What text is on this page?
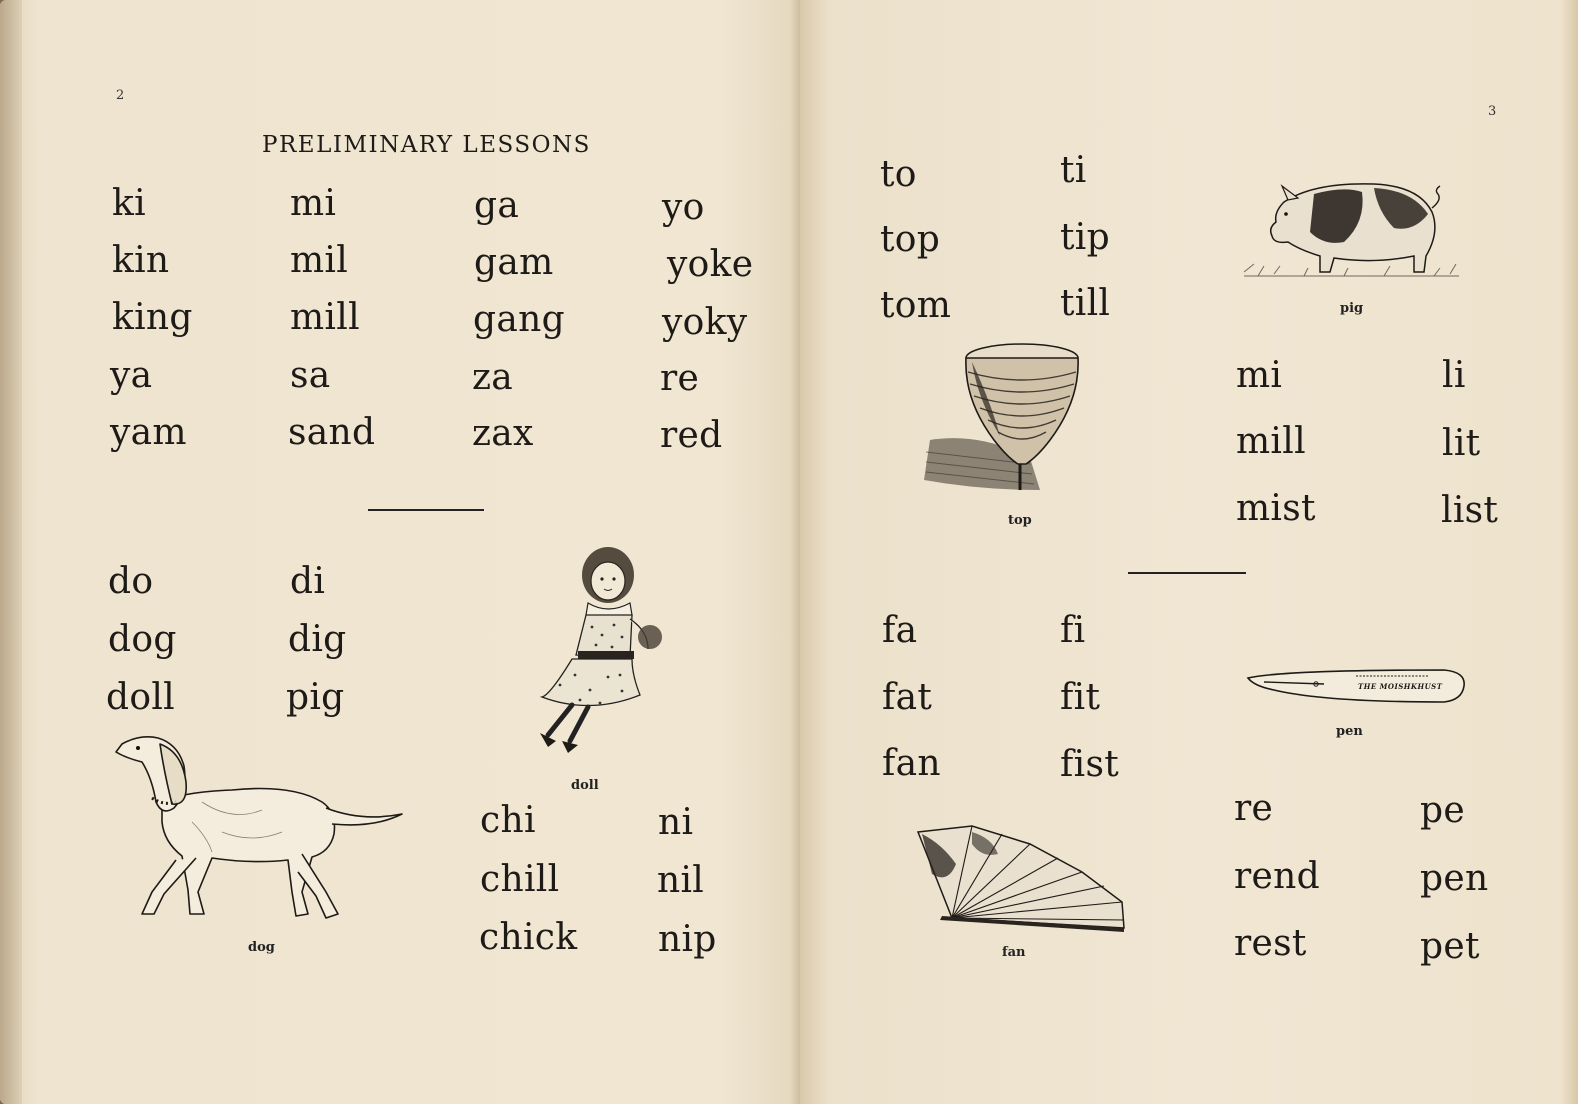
2
PRELIMINARY LESSONS
ki
kin
king
ya
yam
mi
mil
mill
sa
sand
ga
gam
gang
za
zax
yo
yoke
yoky
re
red
do
dog
doll
di
dig
pig
doll
dog
chi
chill
chick
ni
nil
nip
3
to
top
tom
ti
tip
till	pig
top
mi
mill
mist
li
lit
list
fa
fat
fan
fi
fit
fist
THE MOISHKHUST
pen
re
rend
rest
pe
pen
pet
fan
